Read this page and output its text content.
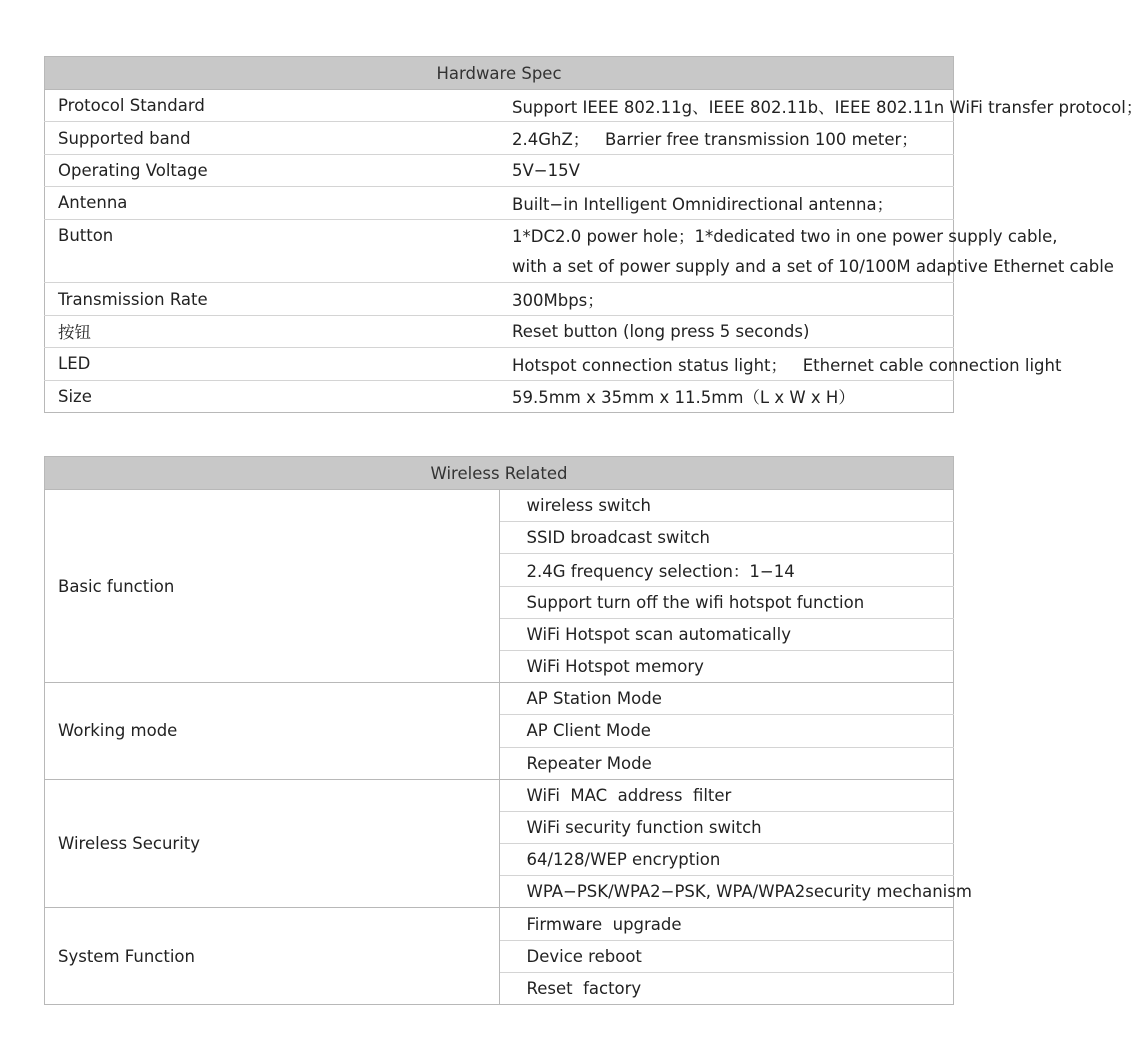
Hardware Spec	
Protocol Standard	Support IEEE 802.11g、IEEE 802.11b、IEEE 802.11n WiFi transfer protocol；
Supported band	2.4GhZ；   Barrier free transmission 100 meter；
Operating Voltage	5V−15V
Antenna	Built−in Intelligent Omnidirectional antenna；
Button	1*DC2.0 power hole；1*dedicated two in one power supply cable,
	with a set of power supply and a set of 10/100M adaptive Ethernet cable
Transmission Rate	300Mbps；
按钮	Reset button (long press 5 seconds)
LED	Hotspot connection status light；   Ethernet cable connection light
Size	59.5mm x 35mm x 11.5mm（L x W x H）
Wireless Related	
Basic function	wireless switch
	SSID broadcast switch
	2.4G frequency selection：1−14
	Support turn off the wifi hotspot function
	WiFi Hotspot scan automatically
	WiFi Hotspot memory
Working mode	AP Station Mode
	AP Client Mode
	Repeater Mode
Wireless Security	WiFi  MAC  address  filter
	WiFi security function switch
	64/128/WEP encryption
	WPA−PSK/WPA2−PSK, WPA/WPA2security mechanism
System Function	Firmware  upgrade
	Device reboot
	Reset  factory
